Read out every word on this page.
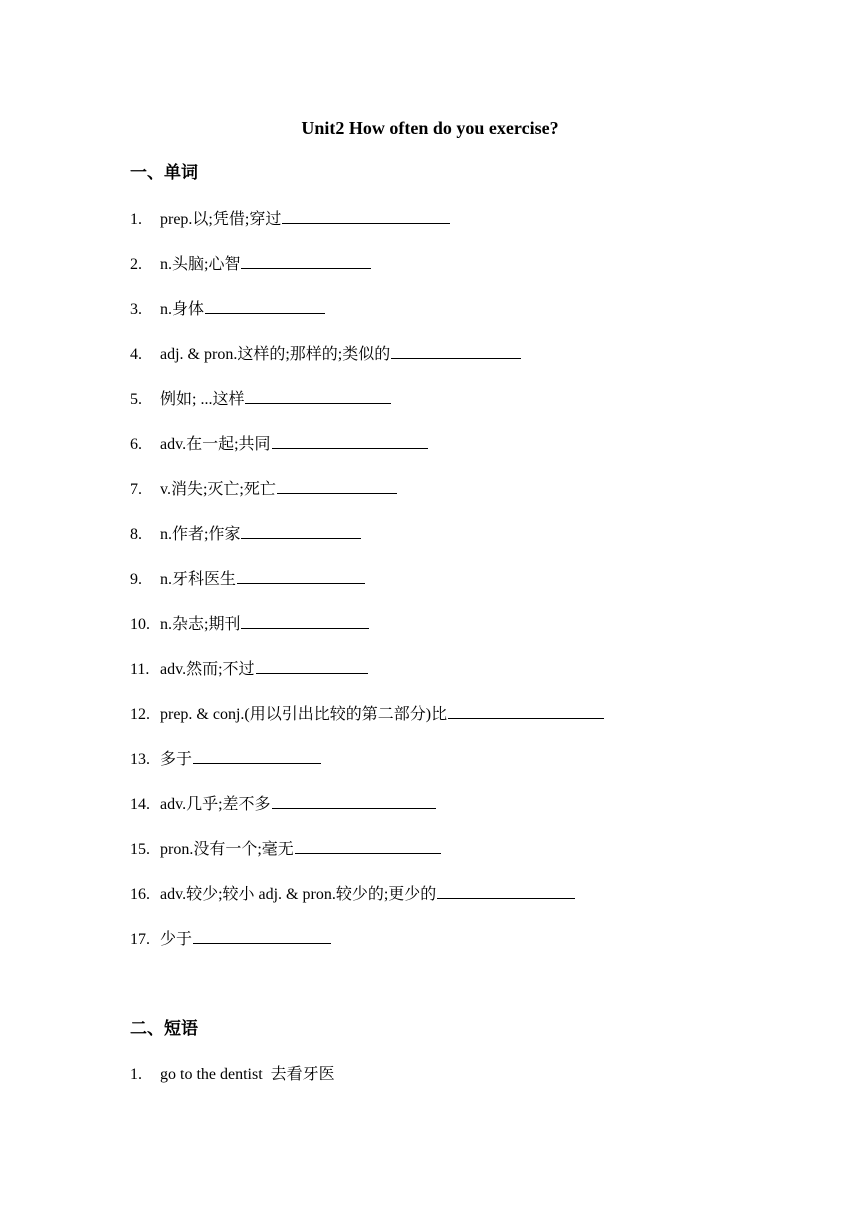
Unit2 How often do you exercise?
一、单词
1. prep.以;凭借;穿过
2. n.头脑;心智
3. n.身体
4. adj. & pron.这样的;那样的;类似的
5. 例如; ...这样
6. adv.在一起;共同
7. v.消失;灭亡;死亡
8. n.作者;作家
9. n.牙科医生
10. n.杂志;期刊
11. adv.然而;不过
12. prep. & conj.(用以引出比较的第二部分)比
13. 多于
14. adv.几乎;差不多
15. pron.没有一个;毫无
16. adv.较少;较小 adj. & pron.较少的;更少的
17. 少于
二、短语
1. go to the dentist  去看牙医
